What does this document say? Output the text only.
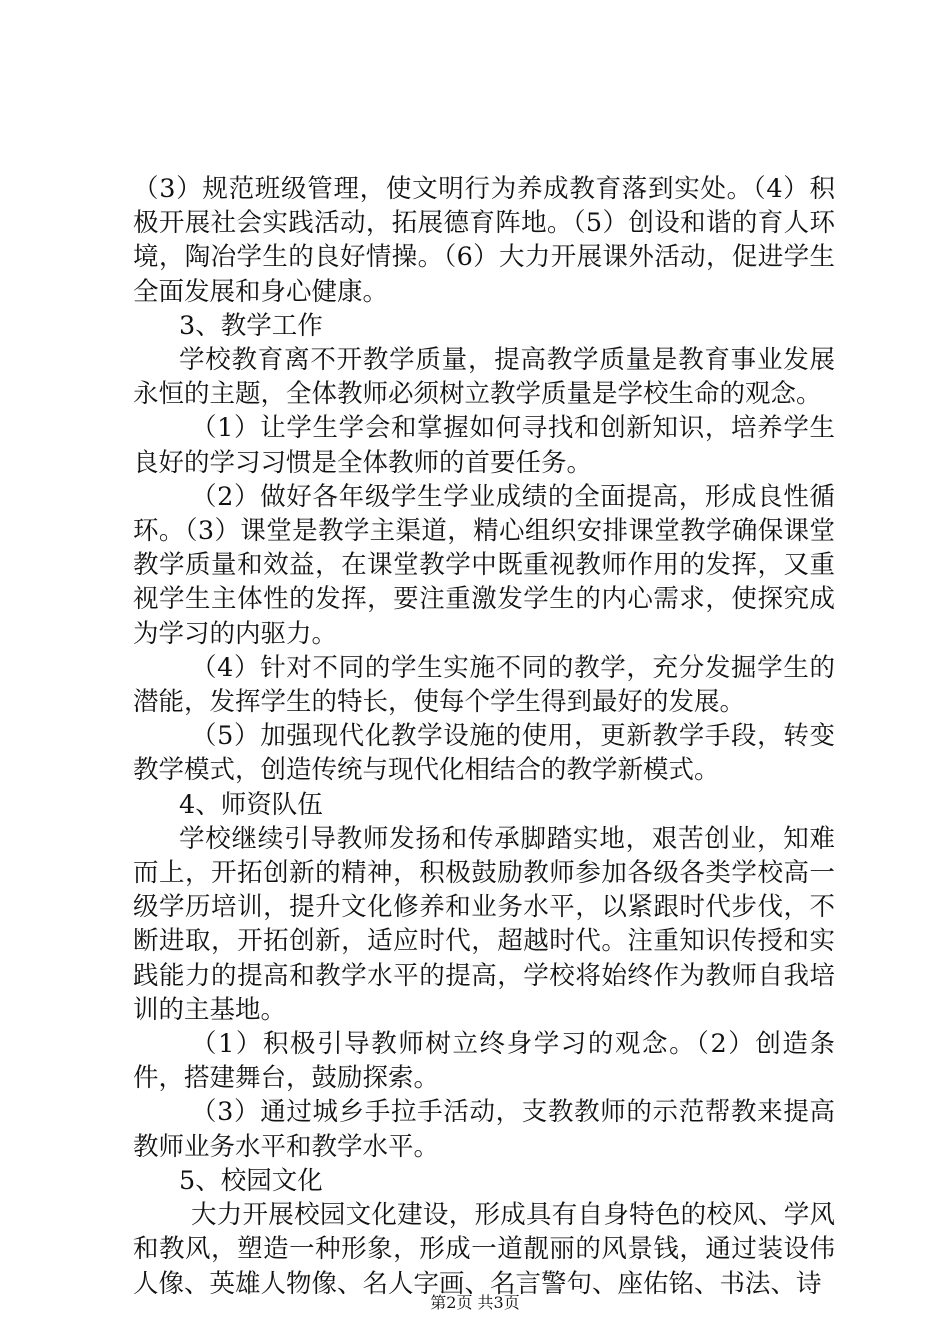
（3）规范班级管理，使文明行为养成教育落到实处。（4）积极开展社会实践活动，拓展德育阵地。（5）创设和谐的育人环境，陶冶学生的良好情操。（6）大力开展课外活动，促进学生全面发展和身心健康。

3、教学工作

学校教育离不开教学质量，提高教学质量是教育事业发展永恒的主题，全体教师必须树立教学质量是学校生命的观念。

（1）让学生学会和掌握如何寻找和创新知识，培养学生良好的学习习惯是全体教师的首要任务。

（2）做好各年级学生学业成绩的全面提高，形成良性循环。（3）课堂是教学主渠道，精心组织安排课堂教学确保课堂教学质量和效益，在课堂教学中既重视教师作用的发挥，又重视学生主体性的发挥，要注重激发学生的内心需求，使探究成为学习的内驱力。

（4）针对不同的学生实施不同的教学，充分发掘学生的潜能，发挥学生的特长，使每个学生得到最好的发展。

（5）加强现代化教学设施的使用，更新教学手段，转变教学模式，创造传统与现代化相结合的教学新模式。

4、师资队伍

学校继续引导教师发扬和传承脚踏实地，艰苦创业，知难而上，开拓创新的精神，积极鼓励教师参加各级各类学校高一级学历培训，提升文化修养和业务水平，以紧跟时代步伐，不断进取，开拓创新，适应时代，超越时代。注重知识传授和实践能力的提高和教学水平的提高，学校将始终作为教师自我培训的主基地。

（1）积极引导教师树立终身学习的观念。（2）创造条件，搭建舞台，鼓励探索。

（3）通过城乡手拉手活动，支教教师的示范帮教来提高教师业务水平和教学水平。

5、校园文化

大力开展校园文化建设，形成具有自身特色的校风、学风和教风，塑造一种形象，形成一道靓丽的风景钱，通过装设伟人像、英雄人物像、名人字画、名言警句、座佑铭、书法、诗

第2页 共3页
